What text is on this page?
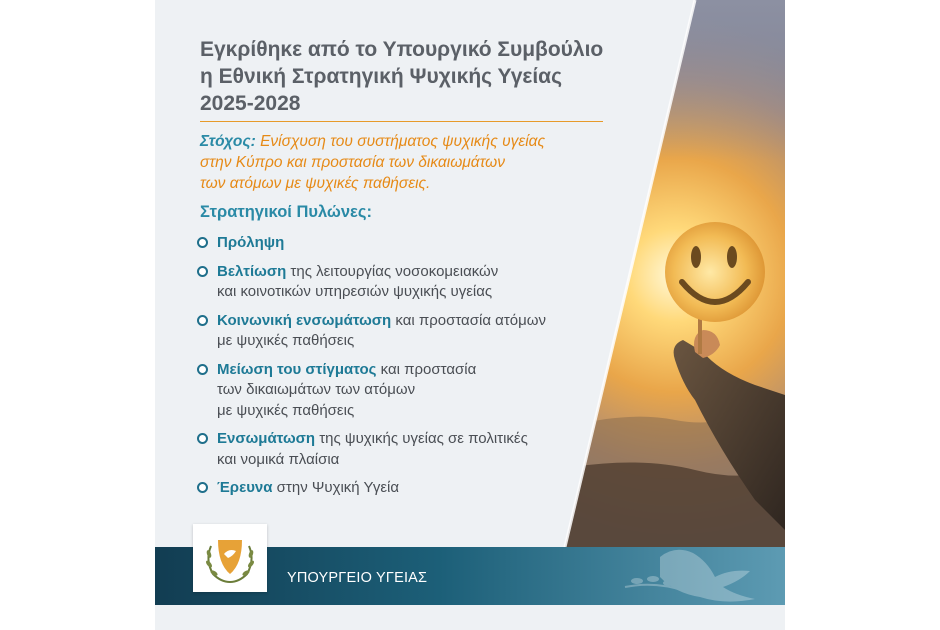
Εγκρίθηκε από το Υπουργικό Συμβούλιο
η Εθνική Στρατηγική Ψυχικής Υγείας
2025-2028

Στόχος: Ενίσχυση του συστήματος ψυχικής υγείας
στην Κύπρο και προστασία των δικαιωμάτων
των ατόμων με ψυχικές παθήσεις.

Στρατηγικοί Πυλώνες:
Πρόληψη
Βελτίωση της λειτουργίας νοσοκομειακών
και κοινοτικών υπηρεσιών ψυχικής υγείας
Κοινωνική ενσωμάτωση και προστασία ατόμων
με ψυχικές παθήσεις
Μείωση του στίγματος και προστασία
των δικαιωμάτων των ατόμων
με ψυχικές παθήσεις
Ενσωμάτωση της ψυχικής υγείας σε πολιτικές
και νομικά πλαίσια
Έρευνα στην Ψυχική Υγεία
ΥΠΟΥΡΓΕΙΟ ΥΓΕΙΑΣ
